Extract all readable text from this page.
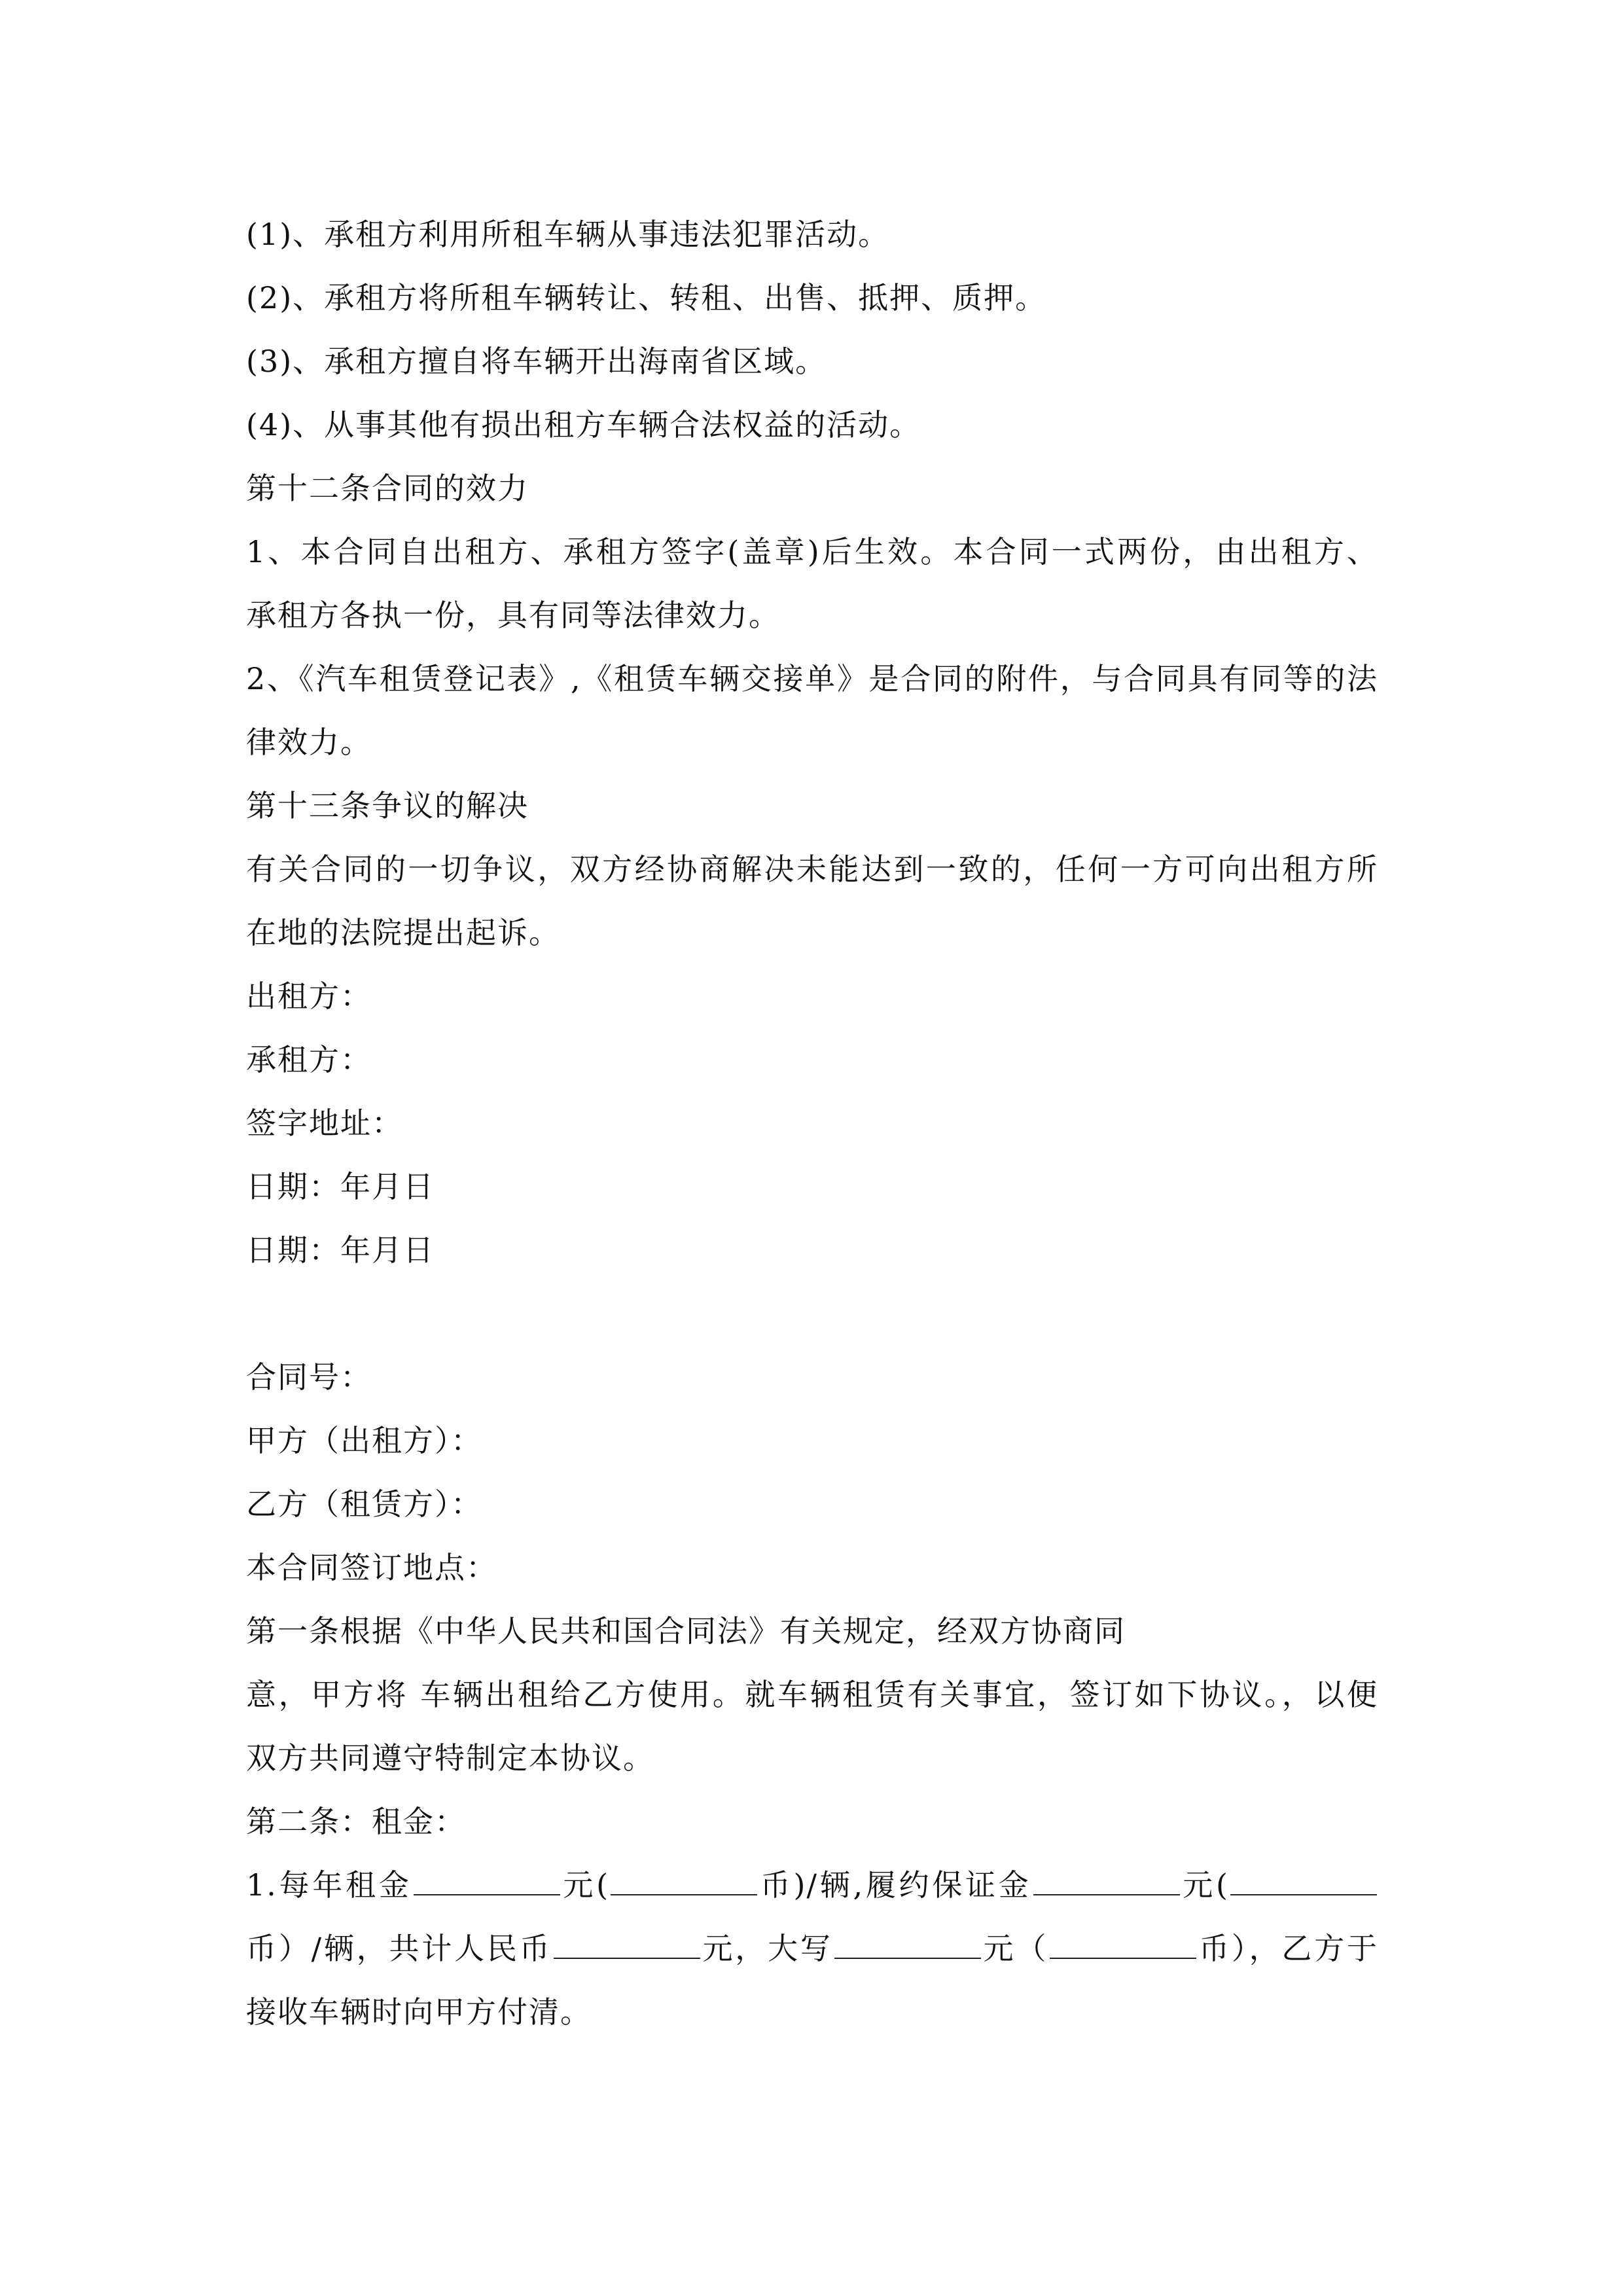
(1)、承租方利用所租车辆从事违法犯罪活动。
(2)、承租方将所租车辆转让、转租、出售、抵押、质押。
(3)、承租方擅自将车辆开出海南省区域。
(4)、从事其他有损出租方车辆合法权益的活动。
第十二条合同的效力
1、本合同自出租方、承租方签字(盖章)后生效。本合同一式两份，由出租方、
承租方各执一份，具有同等法律效力。
2、《汽车租赁登记表》,《租赁车辆交接单》是合同的附件，与合同具有同等的法
律效力。
第十三条争议的解决
有关合同的一切争议，双方经协商解决未能达到一致的，任何一方可向出租方所
在地的法院提出起诉。
出租方：
承租方：
签字地址：
日期：年月日
日期：年月日
合同号：
甲方（出租方）：
乙方（租赁方）：
本合同签订地点：
第一条根据《中华人民共和国合同法》有关规定，经双方协商同
意，甲方将 车辆出租给乙方使用。就车辆租赁有关事宜，签订如下协议。，以便
双方共同遵守特制定本协议。
第二条：租金：
1.每年租金	元(	币)/辆,履约保证金	元(
币）/辆，共计人民币	元，大写	元（	币），乙方于
接收车辆时向甲方付清。
